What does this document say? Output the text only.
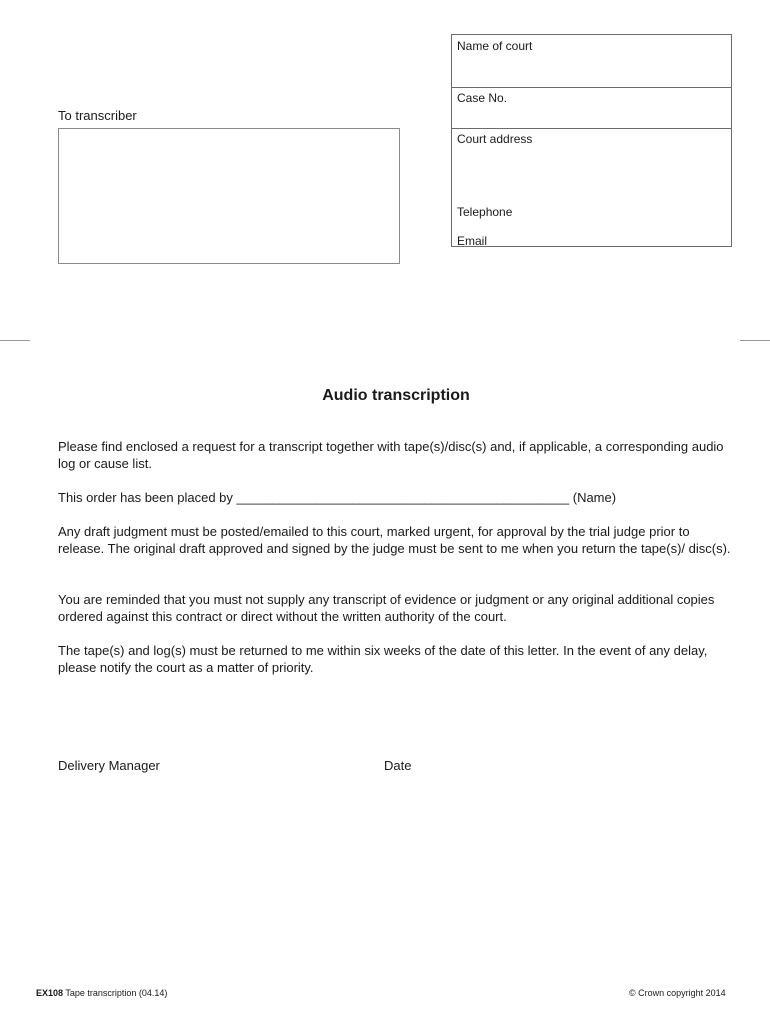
Name of court
Case No.
Court address
Telephone
Email
To transcriber
Audio transcription
Please find enclosed a request for a transcript together with tape(s)/disc(s) and, if applicable, a corresponding audio log or cause list.
This order has been placed by ______________________________________________ (Name)
Any draft judgment must be posted/emailed to this court, marked urgent, for approval by the trial judge prior to release. The original draft approved and signed by the judge must be sent to me when you return the tape(s)/ disc(s).
You are reminded that you must not supply any transcript of evidence or judgment or any original additional copies ordered against this contract or direct without the written authority of the court.
The tape(s) and log(s) must be returned to me within six weeks of the date of this letter. In the event of any delay, please notify the court as a matter of priority.
Delivery Manager	Date
EX108 Tape transcription (04.14)	© Crown copyright 2014
